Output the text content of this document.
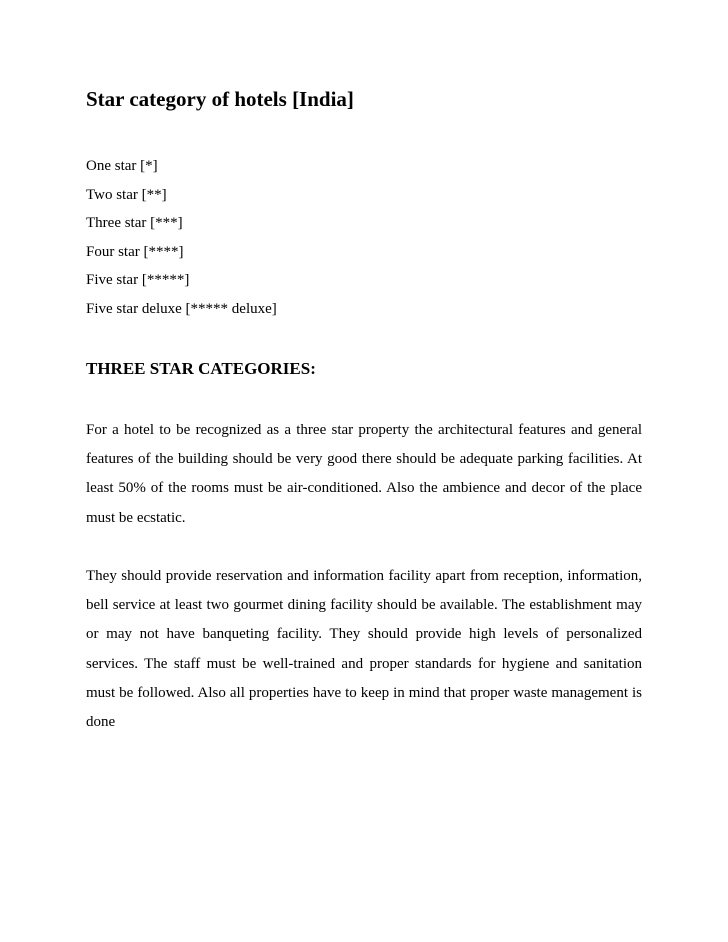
Star category of hotels [India]
One star [*]
Two star [**]
Three star [***]
Four star [****]
Five star [*****]
Five star deluxe [***** deluxe]
THREE STAR CATEGORIES:

For a hotel to be recognized as a three star property the architectural features and general features of the building should be very good there should be adequate parking facilities. At least 50% of the rooms must be air-conditioned. Also the ambience and decor of the place must be ecstatic.

They should provide reservation and information facility apart from reception, information, bell service at least two gourmet dining facility should be available. The establishment may or may not have banqueting facility. They should provide high levels of personalized services. The staff must be well-trained and proper standards for hygiene and sanitation must be followed. Also all properties have to keep in mind that proper waste management is done
